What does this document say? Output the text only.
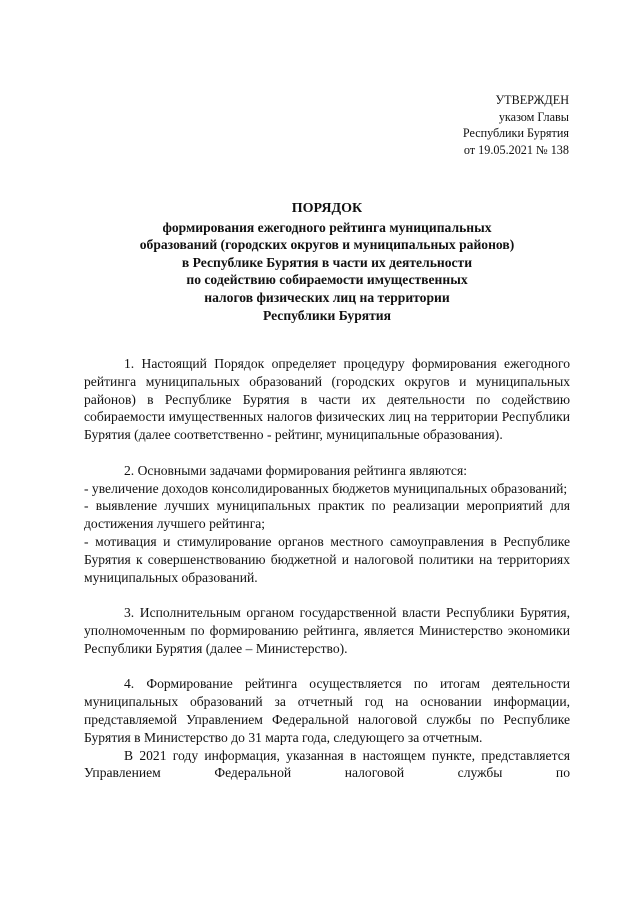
УТВЕРЖДЕН
указом Главы
Республики Бурятия
от 19.05.2021 № 138
ПОРЯДОК
формирования ежегодного рейтинга муниципальных
образований (городских округов и муниципальных районов)
в Республике Бурятия в части их деятельности
по содействию собираемости имущественных
налогов физических лиц на территории
Республики Бурятия

1. Настоящий Порядок определяет процедуру формирования ежегодного рейтинга муниципальных образований (городских округов и муниципальных районов) в Республике Бурятия в части их деятельности по содействию собираемости имущественных налогов физических лиц на территории Республики Бурятия (далее соответственно - рейтинг, муниципальные образования).

2. Основными задачами формирования рейтинга являются:

- увеличение доходов консолидированных бюджетов муниципальных образований;

- выявление лучших муниципальных практик по реализации мероприятий для достижения лучшего рейтинга;

- мотивация и стимулирование органов местного самоуправления в Республике Бурятия к совершенствованию бюджетной и налоговой политики на территориях муниципальных образований.

3. Исполнительным органом государственной власти Республики Бурятия, уполномоченным по формированию рейтинга, является Министерство экономики Республики Бурятия (далее – Министерство).

4. Формирование рейтинга осуществляется по итогам деятельности муниципальных образований за отчетный год на основании информации, представляемой Управлением Федеральной налоговой службы по Республике Бурятия в Министерство до 31 марта года, следующего за отчетным.

В 2021 году информация, указанная в настоящем пункте, представляется Управлением Федеральной налоговой службы по
